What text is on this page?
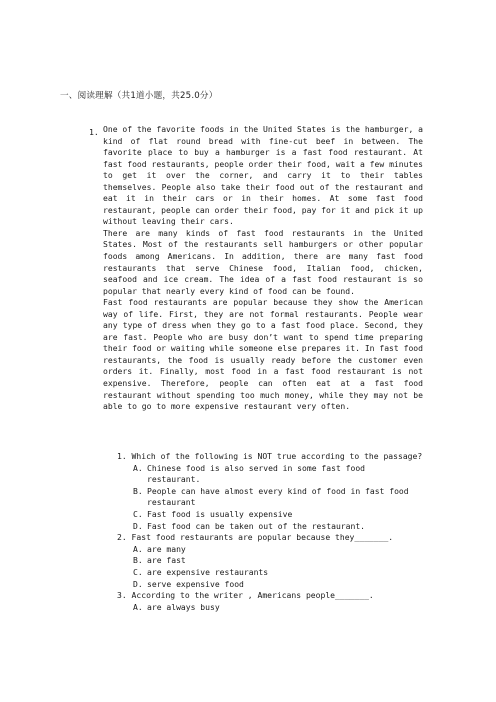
一、阅读理解（共1道小题，共25.0分）
1. One of the favorite foods in the United States is the hamburger, a kind of flat round bread with fine-cut beef in between. The favorite place to buy a hamburger is a fast food restaurant. At fast food restaurants, people order their food, wait a few minutes to get it over the corner, and carry it to their tables themselves. People also take their food out of the restaurant and eat it in their cars or in their homes. At some fast food restaurant, people can order their food, pay for it and pick it up without leaving their cars.

There are many kinds of fast food restaurants in the United States. Most of the restaurants sell hamburgers or other popular foods among Americans. In addition, there are many fast food restaurants that serve Chinese food, Italian food, chicken, seafood and ice cream. The idea of a fast food restaurant is so popular that nearly every kind of food can be found.

Fast food restaurants are popular because they show the American way of life. First, they are not formal restaurants. People wear any type of dress when they go to a fast food place. Second, they are fast. People who are busy don’t want to spend time preparing their food or waiting while someone else prepares it. In fast food restaurants, the food is usually ready before the customer even orders it. Finally, most food in a fast food restaurant is not expensive. Therefore, people can often eat at a fast food restaurant without spending too much money, while they may not be able to go to more expensive restaurant very often.

1. Which of the following is NOT true according to the passage?
A. Chinese food is also served in some fast food restaurant.
B. People can have almost every kind of food in fast food restaurant
C. Fast food is usually expensive
D. Fast food can be taken out of the restaurant.
2. Fast food restaurants are popular because they_______.
A. are many
B. are fast
C. are expensive restaurants
D. serve expensive food
3. According to the writer , Americans people_______.
A. are always busy
